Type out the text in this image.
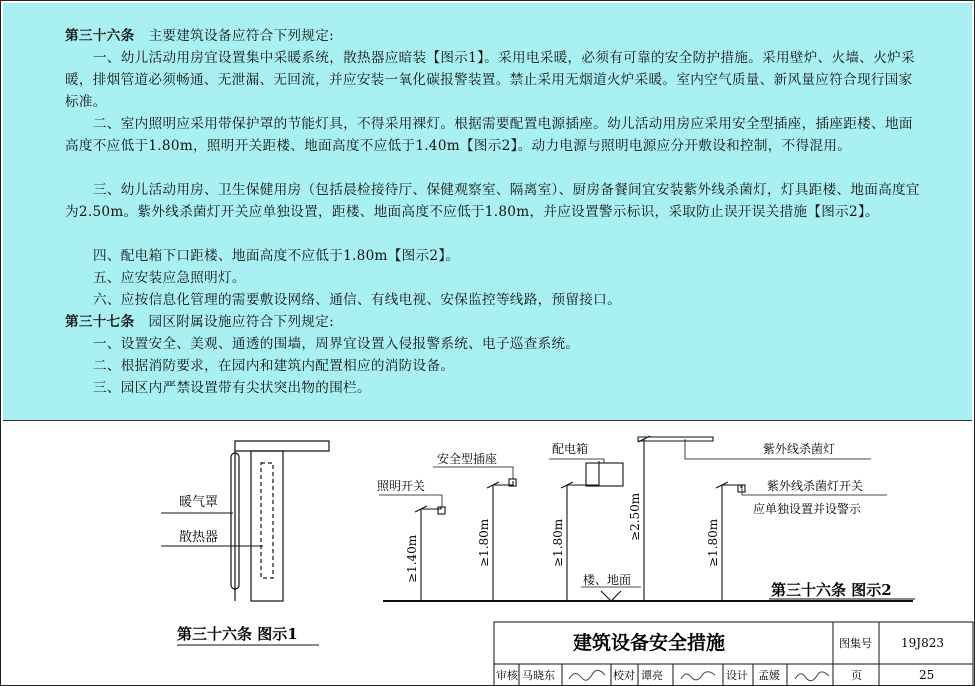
第三十六条 主要建筑设备应符合下列规定:

一、幼儿活动用房宜设置集中采暖系统，散热器应暗装【图示1】。采用电采暖，必须有可靠的安全防护措施。采用壁炉、火墙、火炉采暖，排烟管道必须畅通、无泄漏、无回流，并应安装一氧化碳报警装置。禁止采用无烟道火炉采暖。室内空气质量、新风量应符合现行国家标准。

二、室内照明应采用带保护罩的节能灯具，不得采用裸灯。根据需要配置电源插座。幼儿活动用房应采用安全型插座，插座距楼、地面高度不应低于1.80m，照明开关距楼、地面高度不应低于1.40m【图示2】。动力电源与照明电源应分开敷设和控制，不得混用。

三、幼儿活动用房、卫生保健用房（包括晨检接待厅、保健观察室、隔离室）、厨房备餐间宜安装紫外线杀菌灯，灯具距楼、地面高度宜为2.50m。紫外线杀菌灯开关应单独设置，距楼、地面高度不应低于1.80m，并应设置警示标识，采取防止误开误关措施【图示2】。

四、配电箱下口距楼、地面高度不应低于1.80m【图示2】。

五、应安装应急照明灯。

六、应按信息化管理的需要敷设网络、通信、有线电视、安保监控等线路，预留接口。

第三十七条 园区附属设施应符合下列规定:

一、设置安全、美观、通透的围墙，周界宜设置入侵报警系统、电子巡查系统。

二、根据消防要求，在园内和建筑内配置相应的消防设备。

三、园区内严禁设置带有尖状突出物的围栏。

暖气罩
散热器
第三十六条 图示1
照明开关
安全型插座
配电箱	紫外线杀菌灯
紫外线杀菌灯开关
应单独设置并设警示
楼、地面
≥1.40m	≥1.80m	≥1.80m
≥2.50m
≥1.80m
第三十六条 图示2
建筑设备安全措施	图集号 19J823
审核 马晓东	校对 谭亮	设计 孟媛	页	25
